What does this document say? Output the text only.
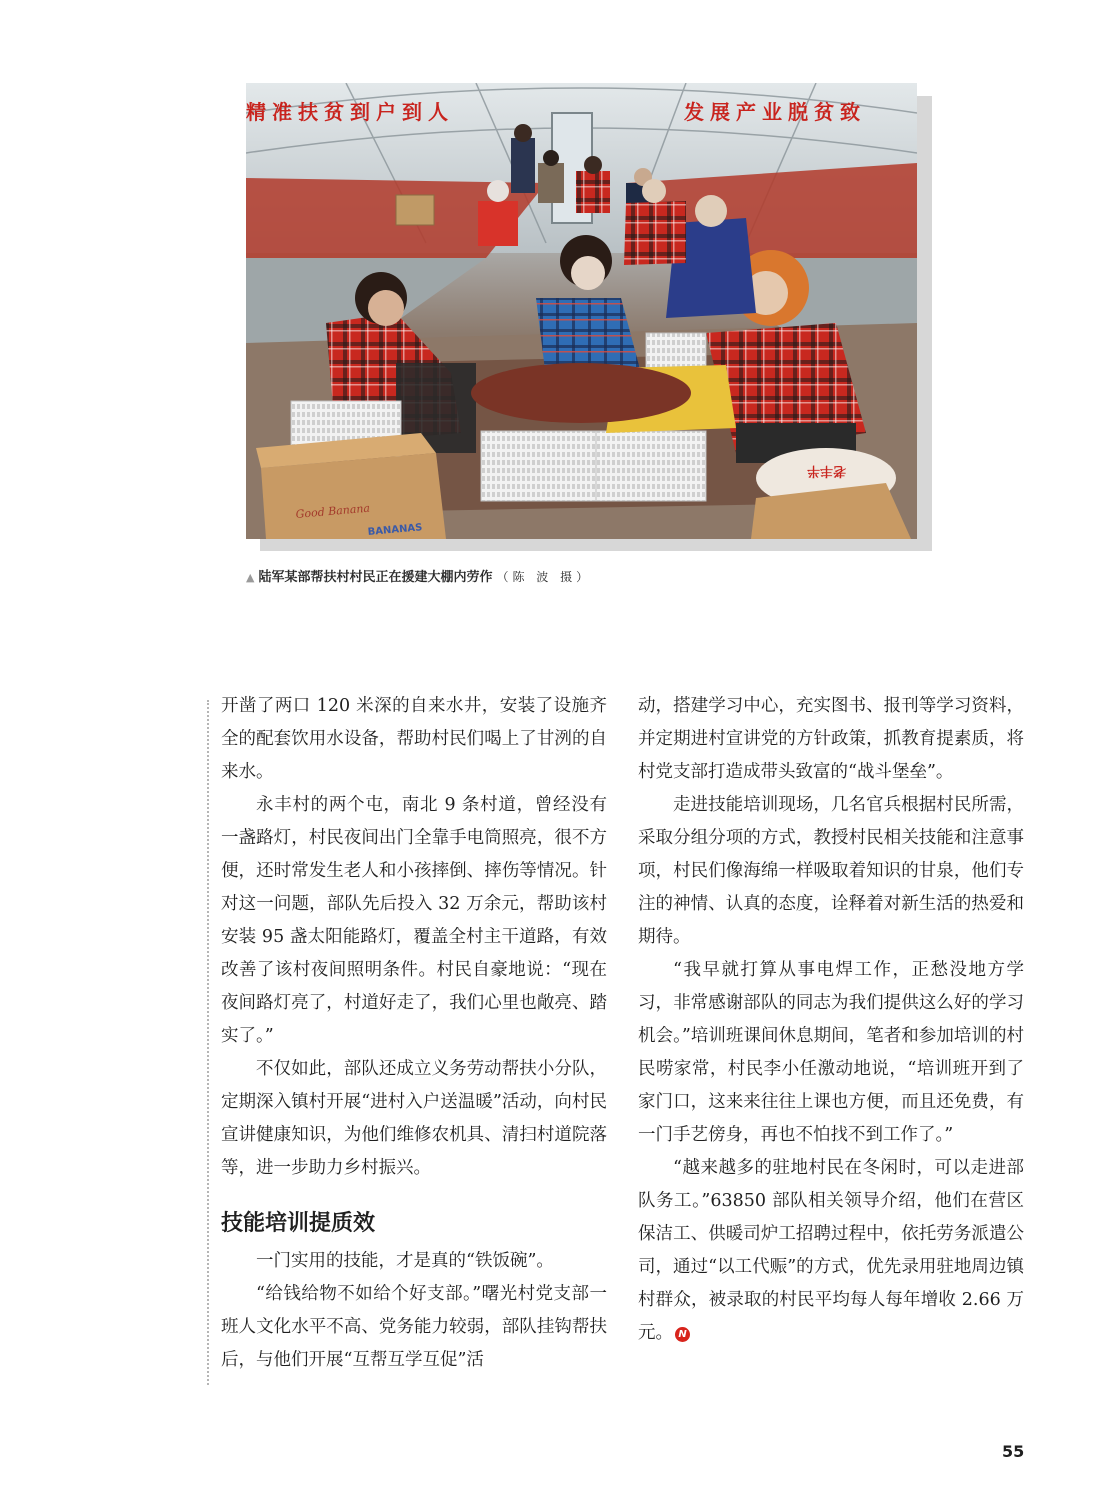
精准扶贫到户到人	发展产业脱贫致
Good Banana
BANANAS
老丰半
▲ 陆军某部帮扶村村民正在援建大棚内劳作 （陈 波 摄）

开凿了两口 120 米深的自来水井，安装了设施齐全的配套饮用水设备，帮助村民们喝上了甘洌的自来水。

永丰村的两个屯，南北 9 条村道，曾经没有一盏路灯，村民夜间出门全靠手电筒照亮，很不方便，还时常发生老人和小孩摔倒、摔伤等情况。针对这一问题，部队先后投入 32 万余元，帮助该村安装 95 盏太阳能路灯，覆盖全村主干道路，有效改善了该村夜间照明条件。村民自豪地说：“现在夜间路灯亮了，村道好走了，我们心里也敞亮、踏实了。”

不仅如此，部队还成立义务劳动帮扶小分队，定期深入镇村开展“进村入户送温暖”活动，向村民宣讲健康知识，为他们维修农机具、清扫村道院落等，进一步助力乡村振兴。

技能培训提质效

一门实用的技能，才是真的“铁饭碗”。

“给钱给物不如给个好支部。”曙光村党支部一班人文化水平不高、党务能力较弱，部队挂钩帮扶后，与他们开展“互帮互学互促”活

动，搭建学习中心，充实图书、报刊等学习资料，并定期进村宣讲党的方针政策，抓教育提素质，将村党支部打造成带头致富的“战斗堡垒”。

走进技能培训现场，几名官兵根据村民所需，采取分组分项的方式，教授村民相关技能和注意事项，村民们像海绵一样吸取着知识的甘泉，他们专注的神情、认真的态度，诠释着对新生活的热爱和期待。

“我早就打算从事电焊工作，正愁没地方学习，非常感谢部队的同志为我们提供这么好的学习机会。”培训班课间休息期间，笔者和参加培训的村民唠家常，村民李小任激动地说，“培训班开到了家门口，这来来往往上课也方便，而且还免费，有一门手艺傍身，再也不怕找不到工作了。”

“越来越多的驻地村民在冬闲时，可以走进部队务工。”63850 部队相关领导介绍，他们在营区保洁工、供暖司炉工招聘过程中，依托劳务派遣公司，通过“以工代赈”的方式，优先录用驻地周边镇村群众，被录取的村民平均每人每年增收 2.66 万元。 N

55
